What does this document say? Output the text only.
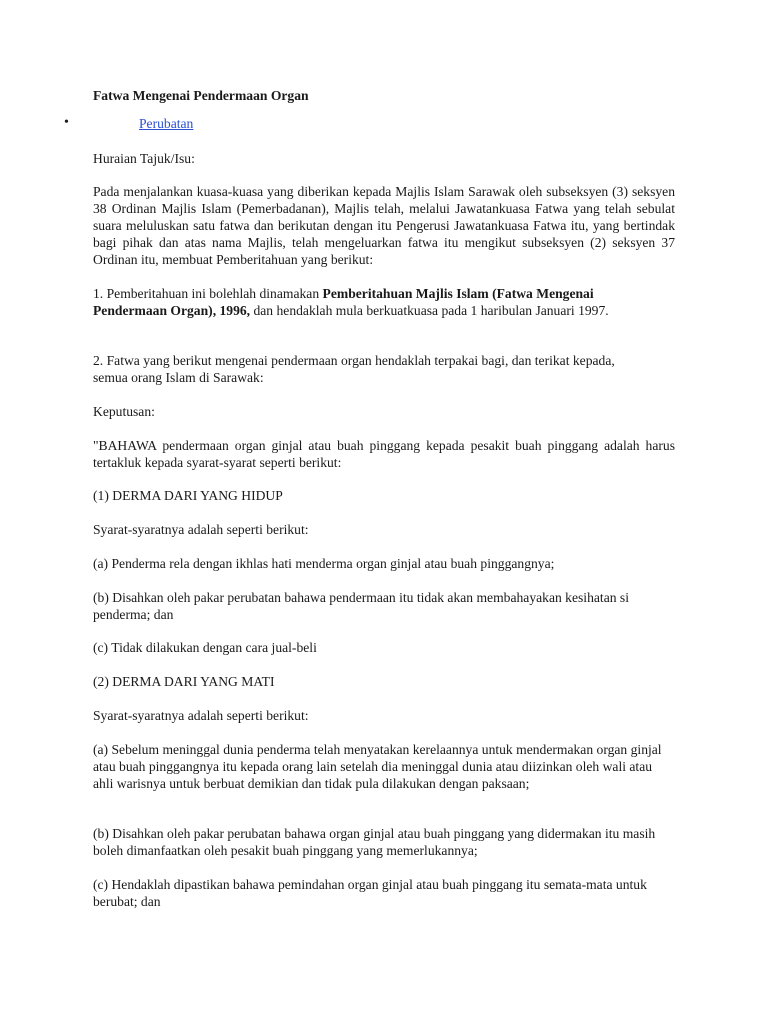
Fatwa Mengenai Pendermaan Organ
•	Perubatan

Huraian Tajuk/Isu:

Pada menjalankan kuasa-kuasa yang diberikan kepada Majlis Islam Sarawak oleh subseksyen (3) seksyen 38 Ordinan Majlis Islam (Pemerbadanan), Majlis telah, melalui Jawatankuasa Fatwa yang telah sebulat suara meluluskan satu fatwa dan berikutan dengan itu Pengerusi Jawatankuasa Fatwa itu, yang bertindak bagi pihak dan atas nama Majlis, telah mengeluarkan fatwa itu mengikut subseksyen (2) seksyen 37 Ordinan itu, membuat Pemberitahuan yang berikut:

1. Pemberitahuan ini bolehlah dinamakan Pemberitahuan Majlis Islam (Fatwa Mengenai Pendermaan Organ), 1996, dan hendaklah mula berkuatkuasa pada 1 haribulan Januari 1997.

2. Fatwa yang berikut mengenai pendermaan organ hendaklah terpakai bagi, dan terikat kepada, semua orang Islam di Sarawak:

Keputusan:

"BAHAWA pendermaan organ ginjal atau buah pinggang kepada pesakit buah pinggang adalah harus tertakluk kepada syarat-syarat seperti berikut:

(1) DERMA DARI YANG HIDUP

Syarat-syaratnya adalah seperti berikut:

(a) Penderma rela dengan ikhlas hati menderma organ ginjal atau buah pinggangnya;

(b) Disahkan oleh pakar perubatan bahawa pendermaan itu tidak akan membahayakan kesihatan si penderma; dan

(c) Tidak dilakukan dengan cara jual-beli

(2) DERMA DARI YANG MATI

Syarat-syaratnya adalah seperti berikut:

(a) Sebelum meninggal dunia penderma telah menyatakan kerelaannya untuk mendermakan organ ginjal atau buah pinggangnya itu kepada orang lain setelah dia meninggal dunia atau diizinkan oleh wali atau ahli warisnya untuk berbuat demikian dan tidak pula dilakukan dengan paksaan;

(b) Disahkan oleh pakar perubatan bahawa organ ginjal atau buah pinggang yang didermakan itu masih boleh dimanfaatkan oleh pesakit buah pinggang yang memerlukannya;

(c) Hendaklah dipastikan bahawa pemindahan organ ginjal atau buah pinggang itu semata-mata untuk berubat; dan
